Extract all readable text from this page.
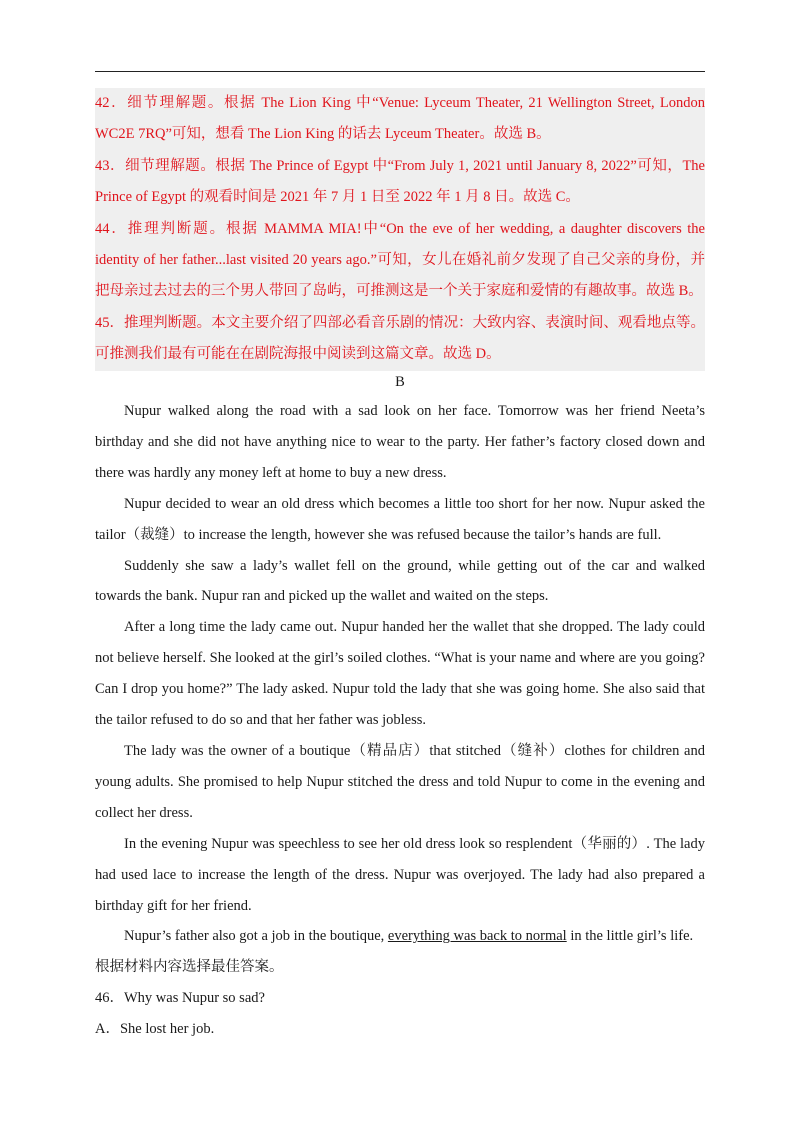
42．细节理解题。根据 The Lion King 中“Venue: Lyceum Theater, 21 Wellington Street, London WC2E 7RQ”可知，想看 The Lion King 的话去 Lyceum Theater。故选 B。

43．细节理解题。根据 The Prince of Egypt 中“From July 1, 2021 until January 8, 2022”可知，The Prince of Egypt 的观看时间是 2021 年 7 月 1 日至 2022 年 1 月 8 日。故选 C。

44．推理判断题。根据 MAMMA MIA!中“On the eve of her wedding, a daughter discovers the identity of her father...last visited 20 years ago.”可知，女儿在婚礼前夕发现了自己父亲的身份，并把母亲过去过去的三个男人带回了岛屿，可推测这是一个关于家庭和爱情的有趣故事。故选 B。

45．推理判断题。本文主要介绍了四部必看音乐剧的情况：大致内容、表演时间、观看地点等。可推测我们最有可能在在剧院海报中阅读到这篇文章。故选 D。

B

Nupur walked along the road with a sad look on her face. Tomorrow was her friend Neeta’s birthday and she did not have anything nice to wear to the party. Her father’s factory closed down and there was hardly any money left at home to buy a new dress.

Nupur decided to wear an old dress which becomes a little too short for her now. Nupur asked the tailor（裁缝）to increase the length, however she was refused because the tailor’s hands are full.

Suddenly she saw a lady’s wallet fell on the ground, while getting out of the car and walked towards the bank. Nupur ran and picked up the wallet and waited on the steps.

After a long time the lady came out. Nupur handed her the wallet that she dropped. The lady could not believe herself. She looked at the girl’s soiled clothes. “What is your name and where are you going? Can I drop you home?” The lady asked. Nupur told the lady that she was going home. She also said that the tailor refused to do so and that her father was jobless.

The lady was the owner of a boutique（精品店）that stitched（缝补）clothes for children and young adults. She promised to help Nupur stitched the dress and told Nupur to come in the evening and collect her dress.

In the evening Nupur was speechless to see her old dress look so resplendent（华丽的）. The lady had used lace to increase the length of the dress. Nupur was overjoyed. The lady had also prepared a birthday gift for her friend.

Nupur’s father also got a job in the boutique, everything was back to normal in the little girl’s life.

根据材料内容选择最佳答案。

46．Why was Nupur so sad?

A．She lost her job.
